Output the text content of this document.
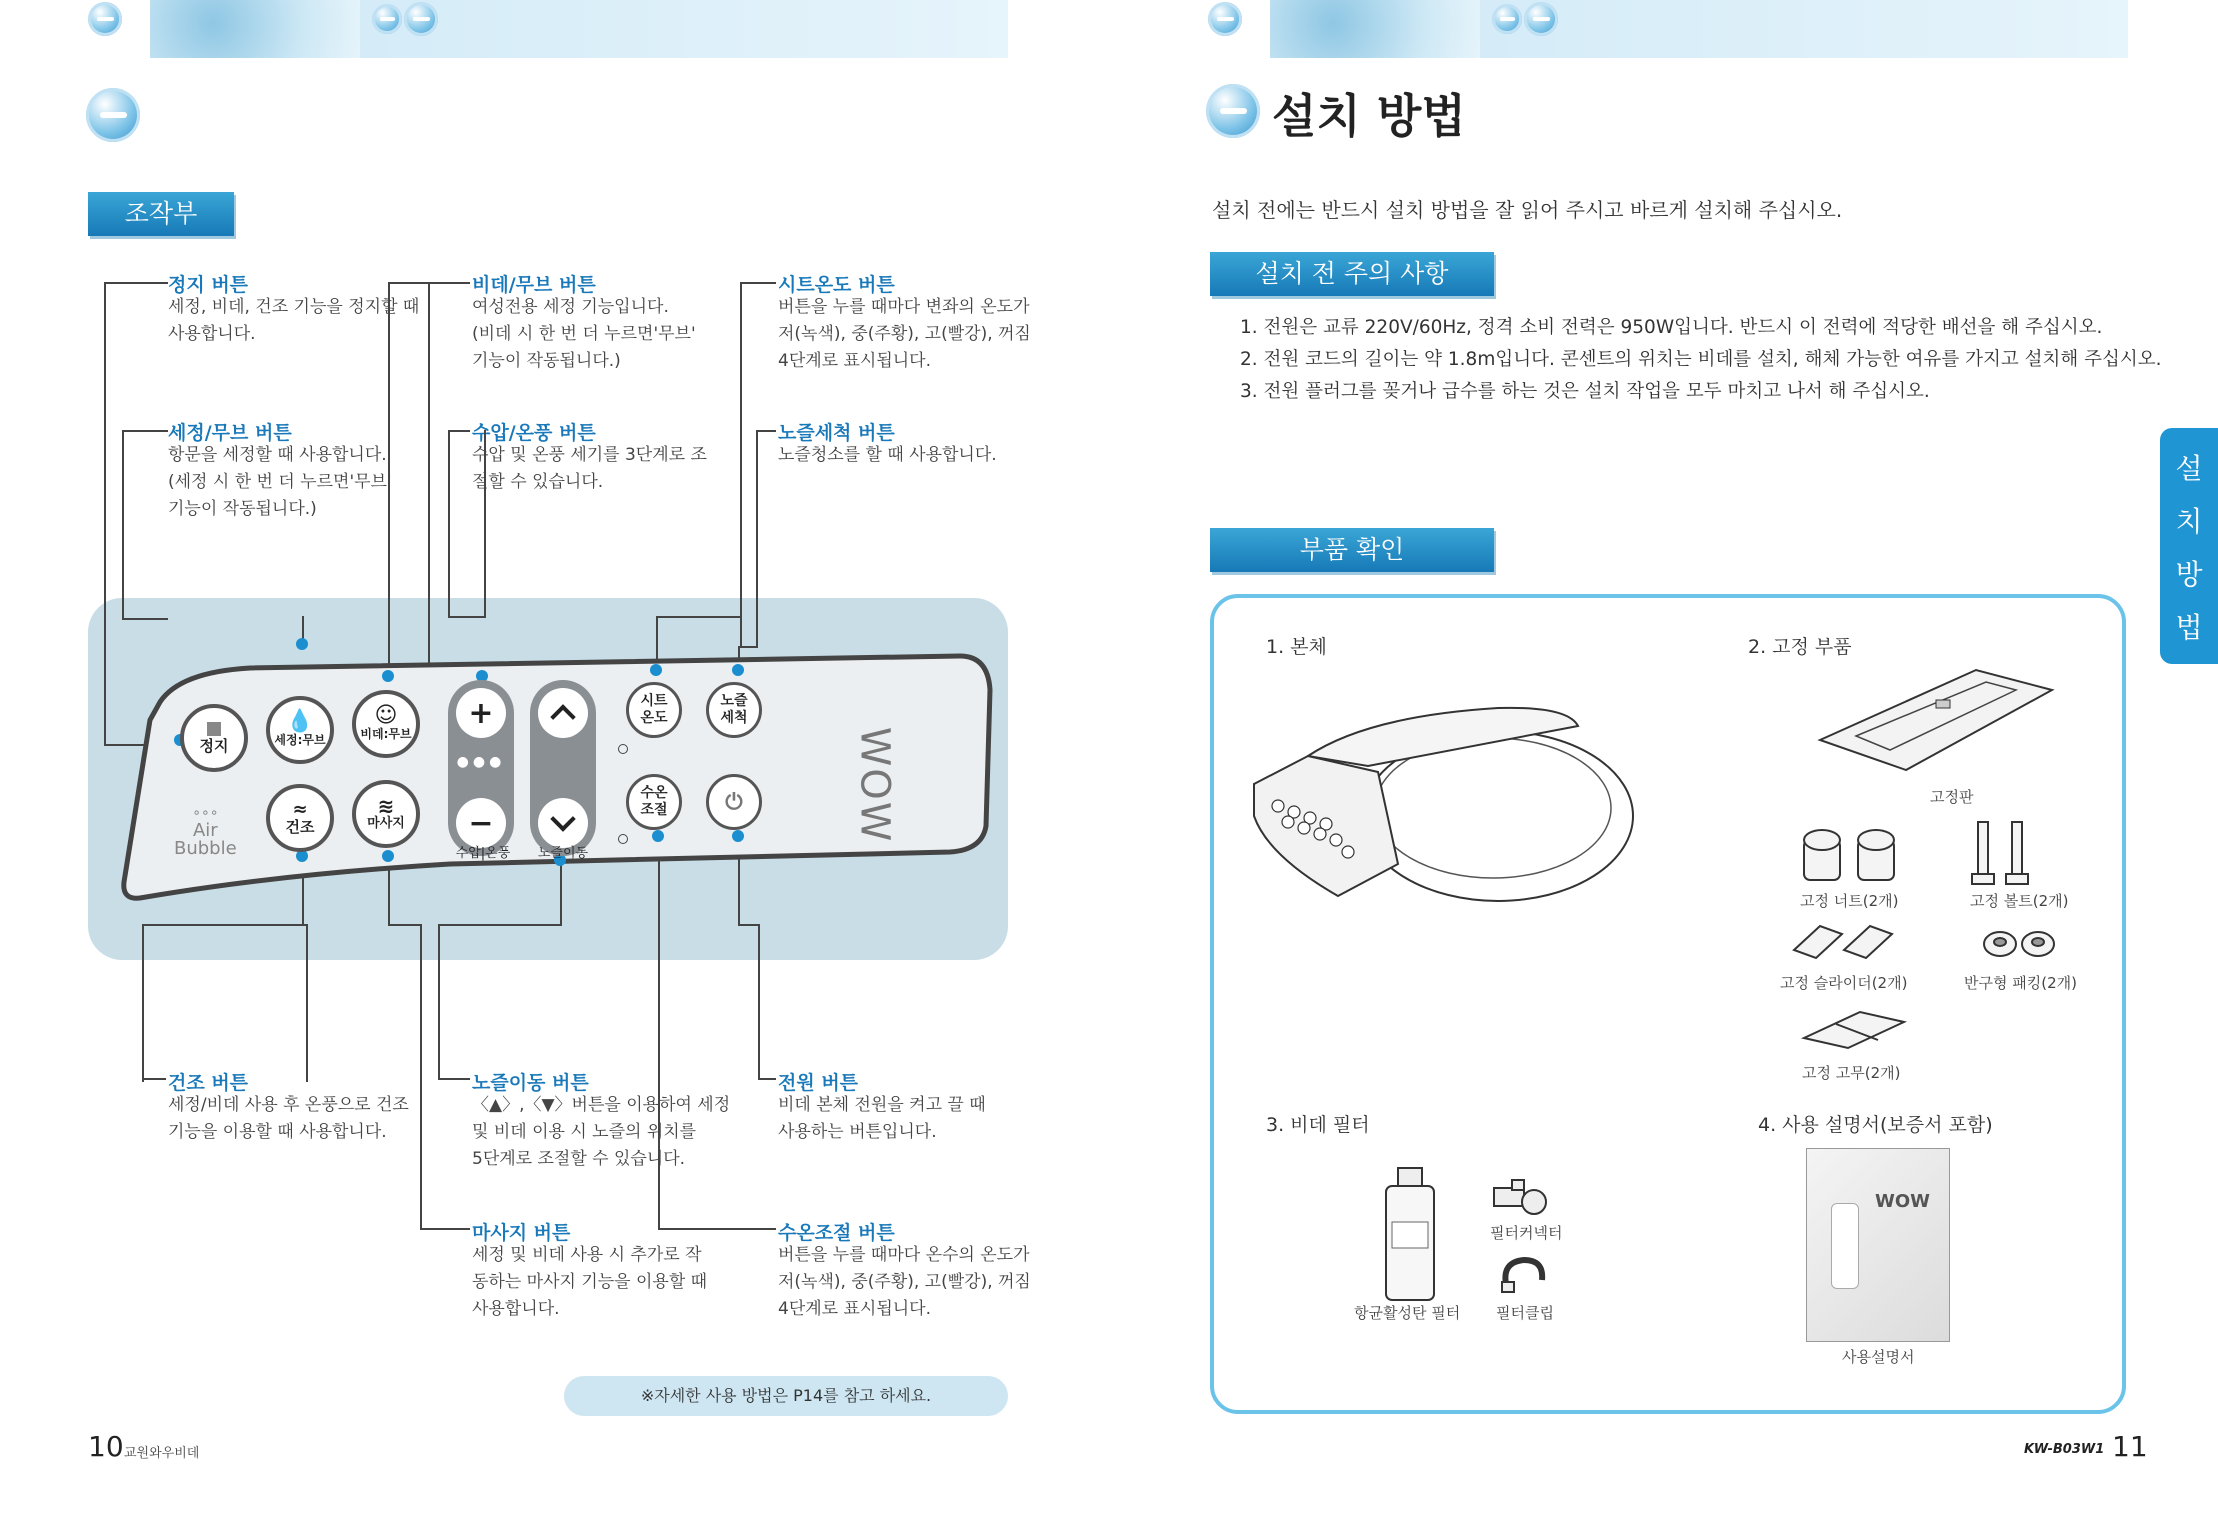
조작부
정지 버튼
세정, 비데, 건조 기능을 정지할 때
사용합니다.
비데/무브 버튼
여성전용 세정 기능입니다.
(비데 시 한 번 더 누르면'무브'
기능이 작동됩니다.)
시트온도 버튼
버튼을 누를 때마다 변좌의 온도가
저(녹색), 중(주황), 고(빨강), 꺼짐
4단계로 표시됩니다.
세정/무브 버튼
항문을 세정할 때 사용합니다.
(세정 시 한 번 더 누르면'무브'
기능이 작동됩니다.)
수압/온풍 버튼
수압 및 온풍 세기를 3단계로 조
절할 수 있습니다.
노즐세척 버튼
노즐청소를 할 때 사용합니다.
건조 버튼
세정/비데 사용 후 온풍으로 건조
기능을 이용할 때 사용합니다.
노즐이동 버튼
〈▲〉,〈▼〉버튼을 이용하여 세정
및 비데 이용 시 노즐의 위치를
5단계로 조절할 수 있습니다.
전원 버튼
비데 본체 전원을 켜고 끌 때
사용하는 버튼입니다.
마사지 버튼
세정 및 비데 사용 시 추가로 작
동하는 마사지 기능을 이용할 때
사용합니다.
수온조절 버튼
버튼을 누를 때마다 온수의 온도가
저(녹색), 중(주황), 고(빨강), 꺼짐
4단계로 표시됩니다.
정지
💧
세정:무브
☺
비데:무브
≈
건조
≋
마사지
+
●●●
−
수압|온풍	노즐이동
시트
온도
노즐
세척
수온
조절	⏻
∘∘∘
Air
Bubble
WOW
※자세한 사용 방법은 P14를 참고 하세요.
10 교원와우비데
설치 방법
설치 전에는 반드시 설치 방법을 잘 읽어 주시고 바르게 설치해 주십시오.
설치 전 주의 사항
1. 전원은 교류 220V/60Hz, 정격 소비 전력은 950W입니다. 반드시 이 전력에 적당한 배선을 해 주십시오.
2. 전원 코드의 길이는 약 1.8m입니다. 콘센트의 위치는 비데를 설치, 해체 가능한 여유를 가지고 설치해 주십시오.
3. 전원 플러그를 꽂거나 급수를 하는 것은 설치 작업을 모두 마치고 나서 해 주십시오.
부품 확인
설
치
방
법
1. 본체	2. 고정 부품
3. 비데 필터	4. 사용 설명서(보증서 포함)
고정판
고정 너트(2개)	고정 볼트(2개)
고정 슬라이더(2개)	반구형 패킹(2개)
고정 고무(2개)
항균활성탄 필터
필터커넥터
필터클립
WOW
사용설명서
KW-B03W1 11
